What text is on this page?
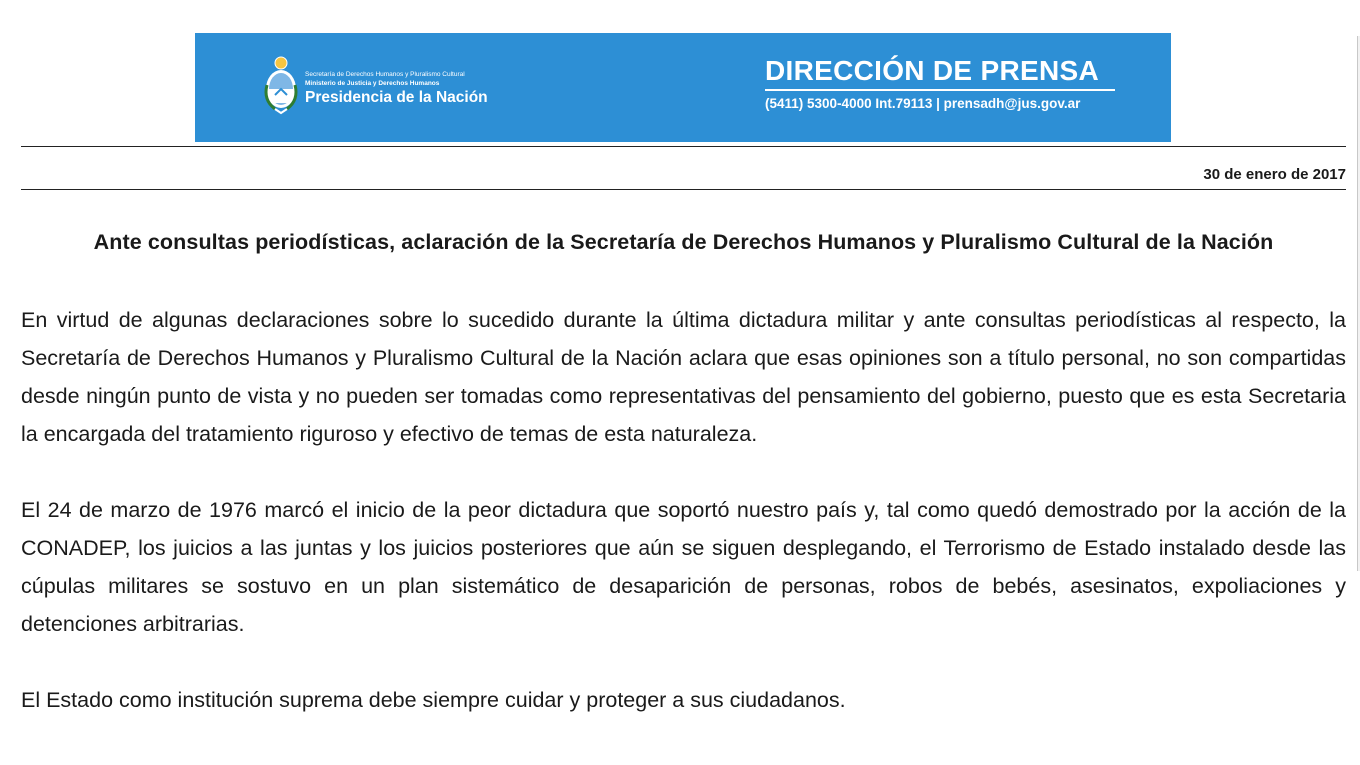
Secretaría de Derechos Humanos y Pluralismo Cultural
Ministerio de Justicia y Derechos Humanos
Presidencia de la Nación
DIRECCIÓN DE PRENSA
(5411) 5300-4000 Int.79113 | prensadh@jus.gov.ar
30 de enero de 2017
Ante consultas periodísticas, aclaración de la Secretaría de Derechos Humanos y Pluralismo Cultural de la Nación

En virtud de algunas declaraciones sobre lo sucedido durante la última dictadura militar y ante consultas periodísticas al respecto, la Secretaría de Derechos Humanos y Pluralismo Cultural de la Nación aclara que esas opiniones son a título personal, no son compartidas desde ningún punto de vista y no pueden ser tomadas como representativas del pensamiento del gobierno, puesto que es esta Secretaria la encargada del tratamiento riguroso y efectivo de temas de esta naturaleza.

El 24 de marzo de 1976 marcó el inicio de la peor dictadura que soportó nuestro país y, tal como quedó demostrado por la acción de la CONADEP, los juicios a las juntas y los juicios posteriores que aún se siguen desplegando, el Terrorismo de Estado instalado desde las cúpulas militares se sostuvo en un plan sistemático de desaparición de personas, robos de bebés, asesinatos, expoliaciones y detenciones arbitrarias.

El Estado como institución suprema debe siempre cuidar y proteger a sus ciudadanos.
